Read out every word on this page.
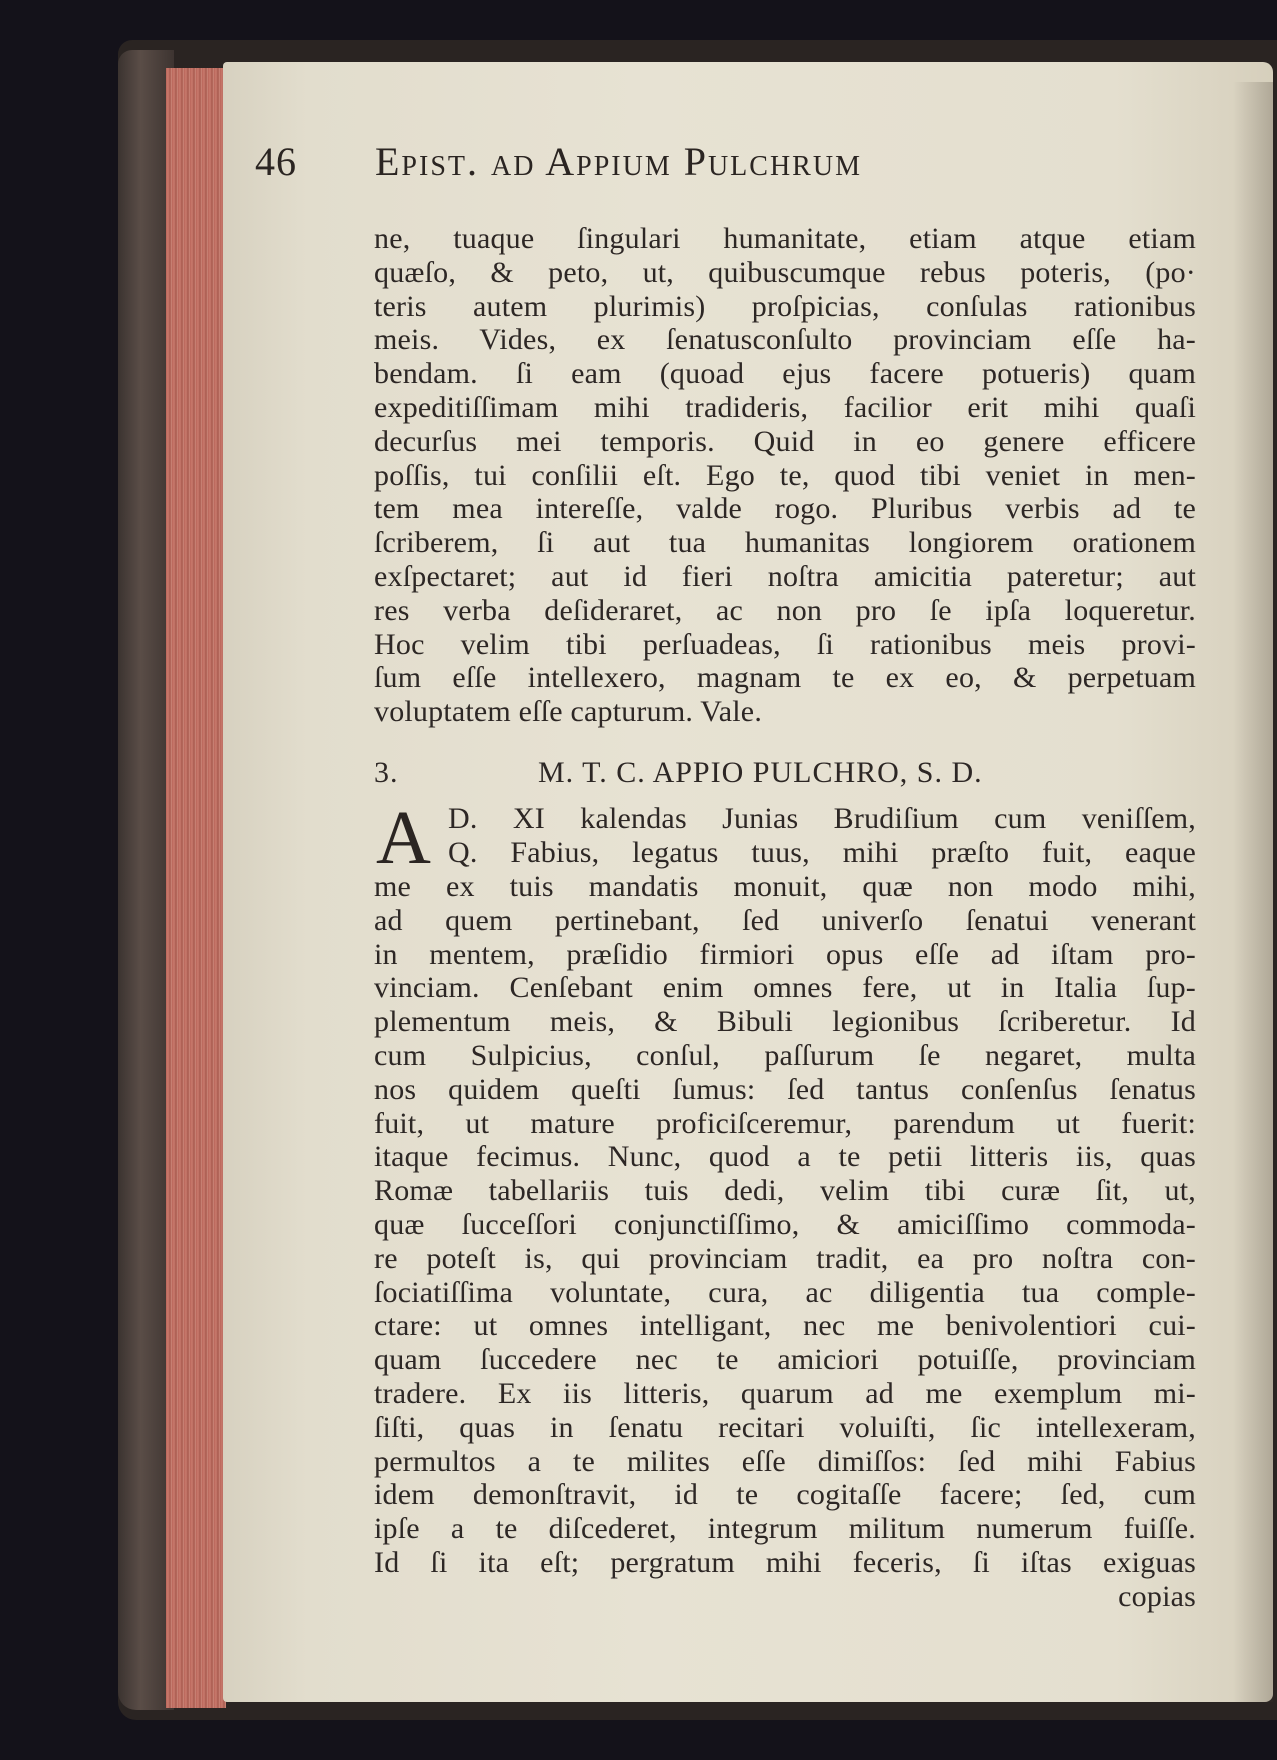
46 Epist. ad Appium Pulchrum
ne, tuaque ſingulari humanitate, etiam atque etiam
quæſo, & peto, ut, quibuscumque rebus poteris, (po·
teris autem plurimis) proſpicias, conſulas rationibus
meis. Vides, ex ſenatusconſulto provinciam eſſe ha-
bendam. ſi eam (quoad ejus facere potueris) quam
expeditiſſimam mihi tradideris, facilior erit mihi quaſi
decurſus mei temporis. Quid in eo genere efficere
poſſis, tui conſilii eſt. Ego te, quod tibi veniet in men-
tem mea intereſſe, valde rogo. Pluribus verbis ad te
ſcriberem, ſi aut tua humanitas longiorem orationem
exſpectaret; aut id fieri noſtra amicitia pateretur; aut
res verba deſideraret, ac non pro ſe ipſa loqueretur.
Hoc velim tibi perſuadeas, ſi rationibus meis provi-
ſum eſſe intellexero, magnam te ex eo, & perpetuam
voluptatem eſſe capturum. Vale.
3.	M. T. C. APPIO PULCHRO, S. D.
A D. XI kalendas Junias Brudiſium cum veniſſem,
Q. Fabius, legatus tuus, mihi præſto fuit, eaque
me ex tuis mandatis monuit, quæ non modo mihi,
ad quem pertinebant, ſed univerſo ſenatui venerant
in mentem, præſidio firmiori opus eſſe ad iſtam pro-
vinciam. Cenſebant enim omnes fere, ut in Italia ſup-
plementum meis, & Bibuli legionibus ſcriberetur. Id
cum Sulpicius, conſul, paſſurum ſe negaret, multa
nos quidem queſti ſumus: ſed tantus conſenſus ſenatus
fuit, ut mature proficiſceremur, parendum ut fuerit:
itaque fecimus. Nunc, quod a te petii litteris iis, quas
Romæ tabellariis tuis dedi, velim tibi curæ ſit, ut,
quæ ſucceſſori conjunctiſſimo, & amiciſſimo commoda-
re poteſt is, qui provinciam tradit, ea pro noſtra con-
ſociatiſſima voluntate, cura, ac diligentia tua comple-
ctare: ut omnes intelligant, nec me benivolentiori cui-
quam ſuccedere nec te amiciori potuiſſe, provinciam
tradere. Ex iis litteris, quarum ad me exemplum mi-
ſiſti, quas in ſenatu recitari voluiſti, ſic intellexeram,
permultos a te milites eſſe dimiſſos: ſed mihi Fabius
idem demonſtravit, id te cogitaſſe facere; ſed, cum
ipſe a te diſcederet, integrum militum numerum fuiſſe.
Id ſi ita eſt; pergratum mihi feceris, ſi iſtas exiguas
copias
